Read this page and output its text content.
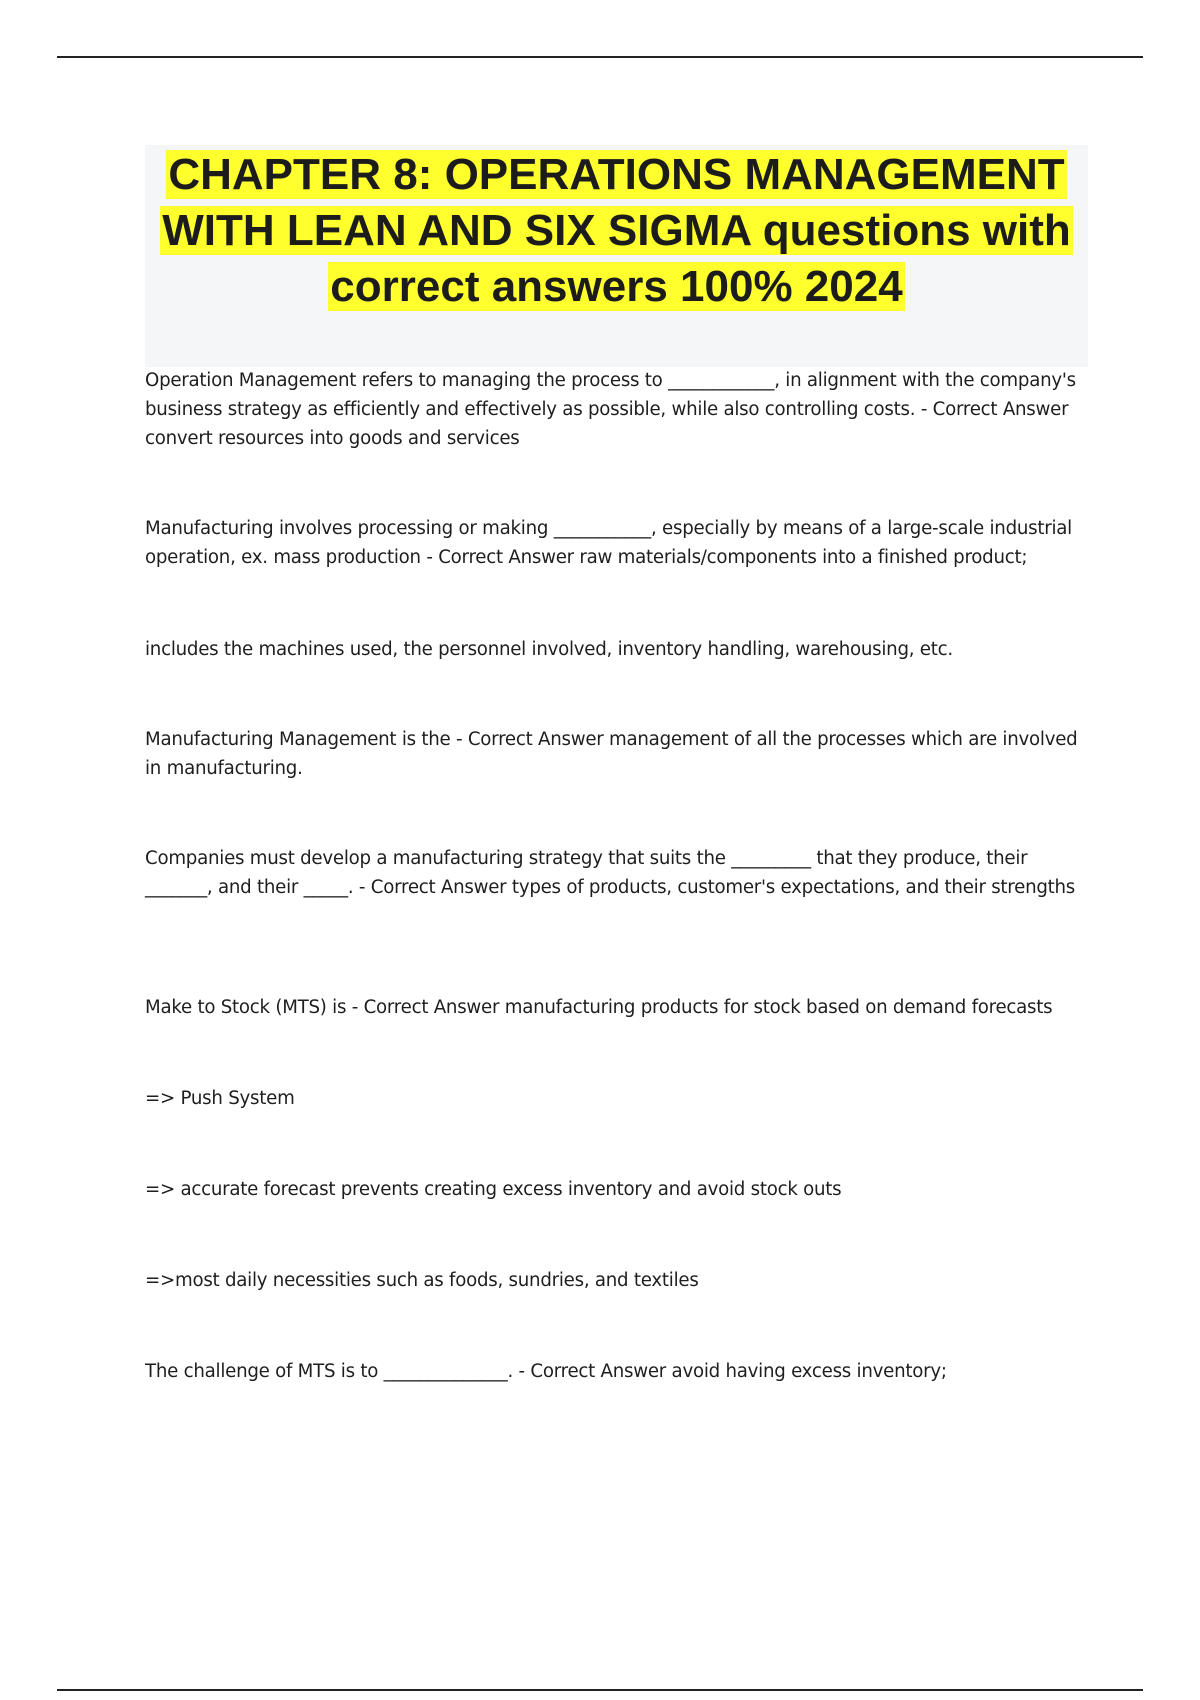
CHAPTER 8: OPERATIONS MANAGEMENT WITH LEAN AND SIX SIGMA questions with correct answers 100% 2024

Operation Management refers to managing the process to ____________, in alignment with the company's business strategy as efficiently and effectively as possible, while also controlling costs. - Correct Answer convert resources into goods and services

Manufacturing involves processing or making ___________, especially by means of a large-scale industrial operation, ex. mass production - Correct Answer raw materials/components into a finished product;

includes the machines used, the personnel involved, inventory handling, warehousing, etc.

Manufacturing Management is the - Correct Answer management of all the processes which are involved in manufacturing.

Companies must develop a manufacturing strategy that suits the _________ that they produce, their _______, and their _____. - Correct Answer types of products, customer's expectations, and their strengths

Make to Stock (MTS) is - Correct Answer manufacturing products for stock based on demand forecasts

=> Push System

=> accurate forecast prevents creating excess inventory and avoid stock outs

=>most daily necessities such as foods, sundries, and textiles

The challenge of MTS is to ______________. - Correct Answer avoid having excess inventory;
